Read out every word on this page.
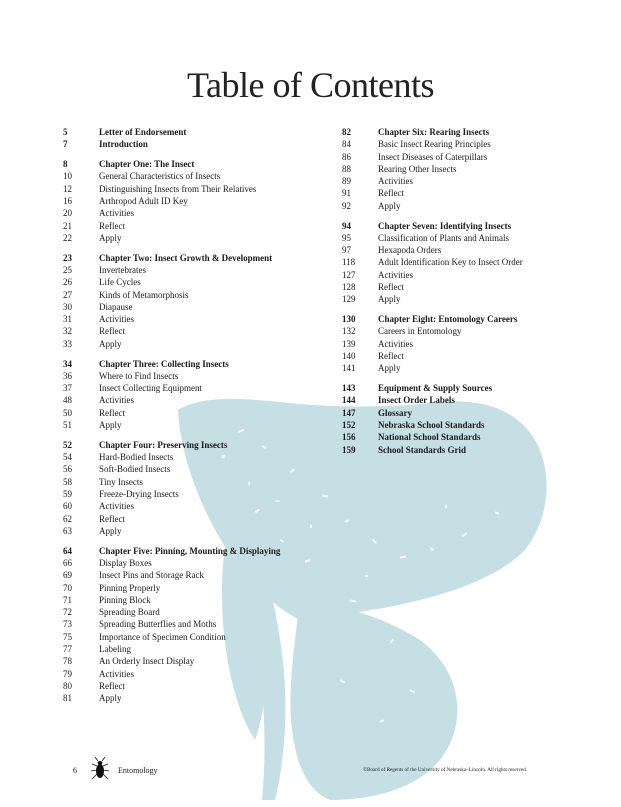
Table of Contents
5	Letter of Endorsement
7	Introduction
8	Chapter One: The Insect
10	General Characteristics of Insects
12	Distinguishing Insects from Their Relatives
16	Arthropod Adult ID Key
20	Activities
21	Reflect
22	Apply
23	Chapter Two: Insect Growth & Development
25	Invertebrates
26	Life Cycles
27	Kinds of Metamorphosis
30	Diapause
31	Activities
32	Reflect
33	Apply
34	Chapter Three: Collecting Insects
36	Where to Find Insects
37	Insect Collecting Equipment
48	Activities
50	Reflect
51	Apply
52	Chapter Four: Preserving Insects
54	Hard-Bodied Insects
56	Soft-Bodied Insects
58	Tiny Insects
59	Freeze-Drying Insects
60	Activities
62	Reflect
63	Apply
64	Chapter Five: Pinning, Mounting & Displaying
66	Display Boxes
69	Insect Pins and Storage Rack
70	Pinning Properly
71	Pinning Block
72	Spreading Board
73	Spreading Butterflies and Moths
75	Importance of Specimen Condition
77	Labeling
78	An Orderly Insect Display
79	Activities
80	Reflect
81	Apply
82	Chapter Six: Rearing Insects
84	Basic Insect Rearing Principles
86	Insect Diseases of Caterpillars
88	Rearing Other Insects
89	Activities
91	Reflect
92	Apply
94	Chapter Seven: Identifying Insects
95	Classification of Plants and Animals
97	Hexapoda Orders
118	Adult Identification Key to Insect Order
127	Activities
128	Reflect
129	Apply
130	Chapter Eight: Entomology Careers
132	Careers in Entomology
139	Activities
140	Reflect
141	Apply
143	Equipment & Supply Sources
144	Insect Order Labels
147	Glossary
152	Nebraska School Standards
156	National School Standards
159	School Standards Grid
6	Entomology	©Board of Regents of the University of Nebraska–Lincoln. All rights reserved.
